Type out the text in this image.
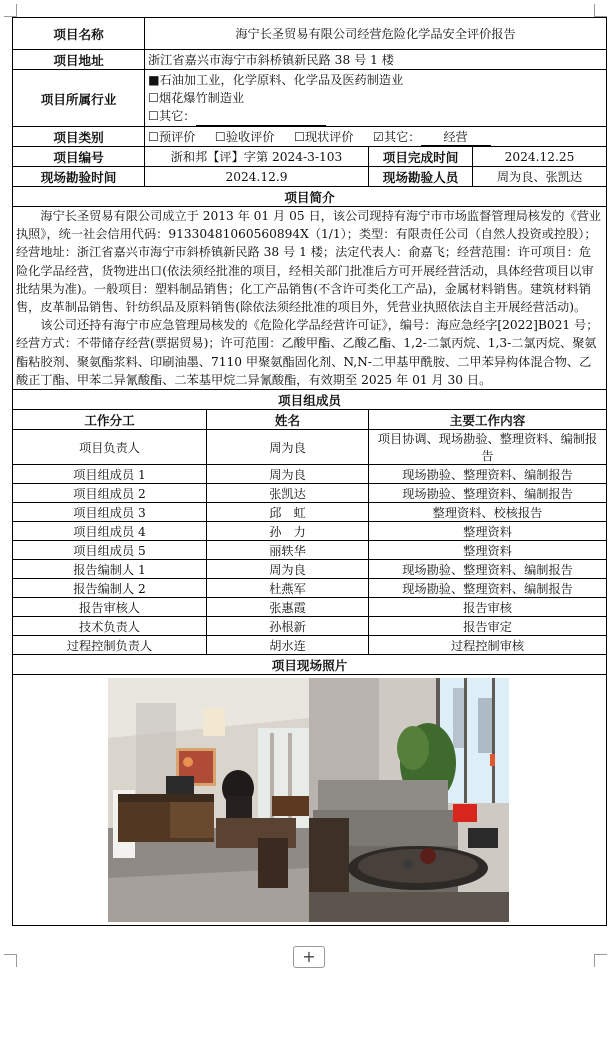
项目名称	海宁长圣贸易有限公司经营危险化学品安全评价报告			
项目地址	浙江省嘉兴市海宁市斜桥镇新民路 38 号 1 楼			
项目所属行业	■石油加工业，化学原料、化学品及医药制造业
☐烟花爆竹制造业
☐其它：			

项目类别	☐预评价 ☐验收评价 ☐现状评价 ☑其它： 经营			
项目编号	浙和邦【评】字第 2024-3-103		项目完成时间	2024.12.25
现场勘验时间	2024.12.9		现场勘验人员	周为良、张凯达
项目简介				

海宁长圣贸易有限公司成立于 2013 年 01 月 05 日，该公司现持有海宁市市场监督管理局核发的《营业执照》，统一社会信用代码：91330481060560894X（1/1）；类型：有限责任公司（自然人投资或控股）；经营地址：浙江省嘉兴市海宁市斜桥镇新民路 38 号 1 楼；法定代表人：俞嘉飞；经营范围：许可项目：危险化学品经营，货物进出口(依法须经批准的项目，经相关部门批准后方可开展经营活动，具体经营项目以审批结果为准)。一般项目：塑料制品销售；化工产品销售(不含许可类化工产品)，金属材料销售。建筑材料销售，皮革制品销售、针纺织品及原料销售(除依法须经批准的项目外，凭营业执照依法自主开展经营活动)。

该公司还持有海宁市应急管理局核发的《危险化学品经营许可证》，编号：海应急经字[2022]B021 号；经营方式：不带储存经营(票据贸易)；许可范围：乙酸甲酯、乙酸乙酯、1,2-二氯丙烷、1,3-二氯丙烷、聚氨酯粘胶剂、聚氨酯浆料、印刷油墨、7110 甲聚氨酯固化剂、N,N-二甲基甲酰胺、二甲苯异构体混合物、乙酸正丁酯、甲苯二异氰酸酯、二苯基甲烷二异氰酸酯，有效期至 2025 年 01 月 30 日。				

项目组成员				
工作分工		姓名	主要工作内容	
项目负责人		周为良	项目协调、现场勘验、整理资料、编制报告	
项目组成员 1		周为良	现场勘验、整理资料、编制报告	
项目组成员 2		张凯达	现场勘验、整理资料、编制报告	
项目组成员 3		邱　虹	整理资料、校核报告	
项目组成员 4		孙　力	整理资料	
项目组成员 5		丽轶华	整理资料	
报告编制人 1		周为良	现场勘验、整理资料、编制报告	
报告编制人 2		杜燕军	现场勘验、整理资料、编制报告	
报告审核人		张惠霞	报告审核	
技术负责人		孙根新	报告审定	
过程控制负责人		胡水连	过程控制审核	
项目现场照片				

+
